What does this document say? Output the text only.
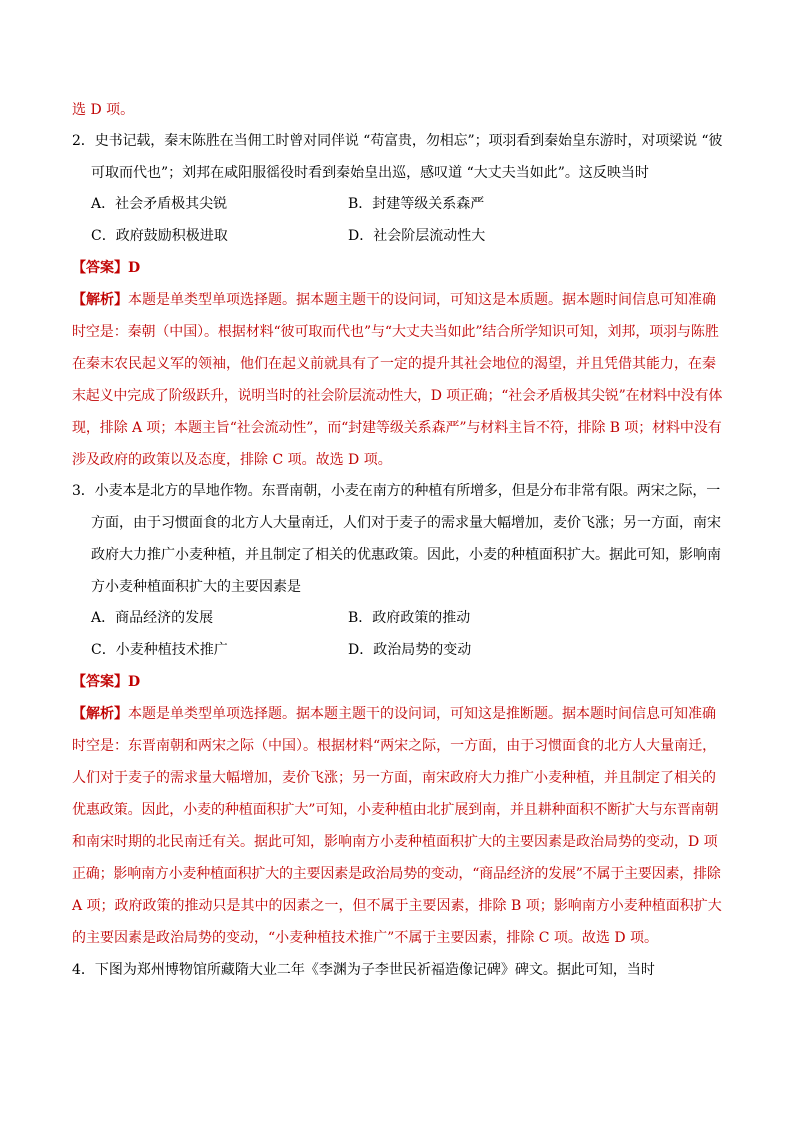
选 D 项。
2．史书记载，秦末陈胜在当佣工时曾对同伴说 “苟富贵，勿相忘”；项羽看到秦始皇东游时，对项梁说 “彼
可取而代也”；刘邦在咸阳服徭役时看到秦始皇出巡，感叹道 “大丈夫当如此”。这反映当时
A．社会矛盾极其尖锐	B．封建等级关系森严
C．政府鼓励积极进取	D．社会阶层流动性大
【答案】D
【解析】本题是单类型单项选择题。据本题主题干的设问词，可知这是本质题。据本题时间信息可知准确
时空是：秦朝（中国）。根据材料“彼可取而代也”与“大丈夫当如此”结合所学知识可知，刘邦，项羽与陈胜
在秦末农民起义军的领袖，他们在起义前就具有了一定的提升其社会地位的渴望，并且凭借其能力，在秦
末起义中完成了阶级跃升，说明当时的社会阶层流动性大，D 项正确；“社会矛盾极其尖锐”在材料中没有体
现，排除 A 项；本题主旨“社会流动性”，而“封建等级关系森严”与材料主旨不符，排除 B 项；材料中没有
涉及政府的政策以及态度，排除 C 项。故选 D 项。
3．小麦本是北方的旱地作物。东晋南朝，小麦在南方的种植有所增多，但是分布非常有限。两宋之际，一
方面，由于习惯面食的北方人大量南迁，人们对于麦子的需求量大幅增加，麦价飞涨；另一方面，南宋
政府大力推广小麦种植，并且制定了相关的优惠政策。因此，小麦的种植面积扩大。据此可知，影响南
方小麦种植面积扩大的主要因素是
A．商品经济的发展	B．政府政策的推动
C．小麦种植技术推广	D．政治局势的变动
【答案】D
【解析】本题是单类型单项选择题。据本题主题干的设问词，可知这是推断题。据本题时间信息可知准确
时空是：东晋南朝和两宋之际（中国）。根据材料“两宋之际，一方面，由于习惯面食的北方人大量南迁，
人们对于麦子的需求量大幅增加，麦价飞涨；另一方面，南宋政府大力推广小麦种植，并且制定了相关的
优惠政策。因此，小麦的种植面积扩大”可知，小麦种植由北扩展到南，并且耕种面积不断扩大与东晋南朝
和南宋时期的北民南迁有关。据此可知，影响南方小麦种植面积扩大的主要因素是政治局势的变动，D 项
正确；影响南方小麦种植面积扩大的主要因素是政治局势的变动，“商品经济的发展”不属于主要因素，排除
A 项；政府政策的推动只是其中的因素之一，但不属于主要因素，排除 B 项；影响南方小麦种植面积扩大
的主要因素是政治局势的变动，“小麦种植技术推广”不属于主要因素，排除 C 项。故选 D 项。
4．下图为郑州博物馆所藏隋大业二年《李渊为子李世民祈福造像记碑》碑文。据此可知，当时
